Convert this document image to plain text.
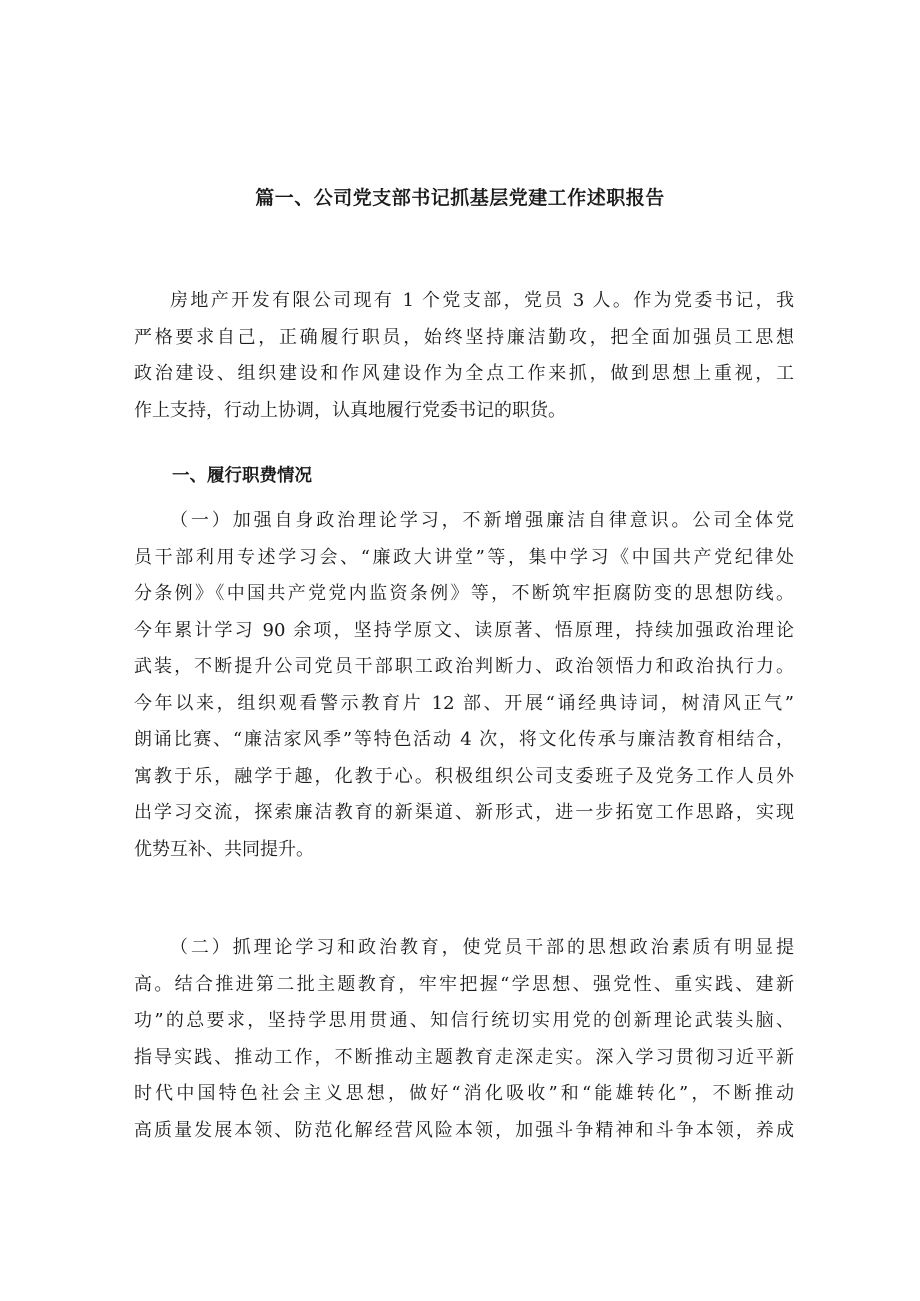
篇一、公司党支部书记抓基层党建工作述职报告
房地产开发有限公司现有 1 个党支部，党员 3 人。作为党委书记，我
严格要求自己，正确履行职员，始终坚持廉洁勤攻，把全面加强员工思想
政治建设、组织建设和作风建设作为全点工作来抓，做到思想上重视，工
作上支持，行动上协调，认真地履行党委书记的职货。
一、履行职费情况
（一）加强自身政治理论学习，不新增强廉洁自律意识。公司全体党
员干部利用专述学习会、“廉政大讲堂”等，集中学习《中国共产党纪律处
分条例》《中国共产党党内监资条例》等，不断筑牢拒腐防变的思想防线。
今年累计学习 90 余项，坚持学原文、读原著、悟原理，持续加强政治理论
武装，不断提升公司党员干部职工政治判断力、政治领悟力和政治执行力。
今年以来，组织观看警示教育片 12 部、开展“诵经典诗词，树清风正气”
朗诵比赛、“廉洁家风季”等特色活动 4 次，将文化传承与廉洁教育相结合，
寓教于乐，融学于趣，化教于心。积极组织公司支委班子及党务工作人员外
出学习交流，探索廉洁教育的新渠道、新形式，进一步拓宽工作思路，实现
优势互补、共同提升。
（二）抓理论学习和政治教育，使党员干部的思想政治素质有明显提
高。结合推进第二批主题教育，牢牢把握“学思想、强党性、重实践、建新
功”的总要求，坚持学思用贯通、知信行统切实用党的创新理论武装头脑、
指导实践、推动工作，不断推动主题教育走深走实。深入学习贯彻习近平新
时代中国特色社会主义思想，做好“消化吸收”和“能雄转化”，不断推动
高质量发展本领、防范化解经营风险本领，加强斗争精神和斗争本领，养成
